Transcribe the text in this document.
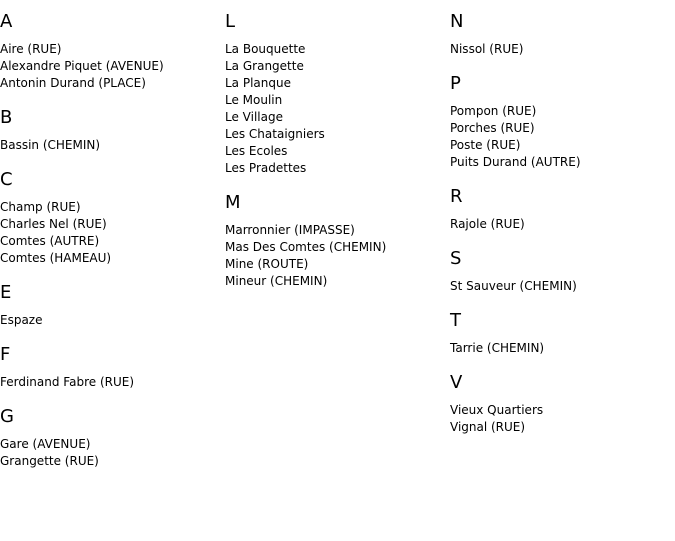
A
Aire (RUE)
Alexandre Piquet (AVENUE)
Antonin Durand (PLACE)
B
Bassin (CHEMIN)
C
Champ (RUE)
Charles Nel (RUE)
Comtes (AUTRE)
Comtes (HAMEAU)
E
Espaze
F
Ferdinand Fabre (RUE)
G
Gare (AVENUE)
Grangette (RUE)
L
La Bouquette
La Grangette
La Planque
Le Moulin
Le Village
Les Chataigniers
Les Ecoles
Les Pradettes
M
Marronnier (IMPASSE)
Mas Des Comtes (CHEMIN)
Mine (ROUTE)
Mineur (CHEMIN)
N
Nissol (RUE)
P
Pompon (RUE)
Porches (RUE)
Poste (RUE)
Puits Durand (AUTRE)
R
Rajole (RUE)
S
St Sauveur (CHEMIN)
T
Tarrie (CHEMIN)
V
Vieux Quartiers
Vignal (RUE)
